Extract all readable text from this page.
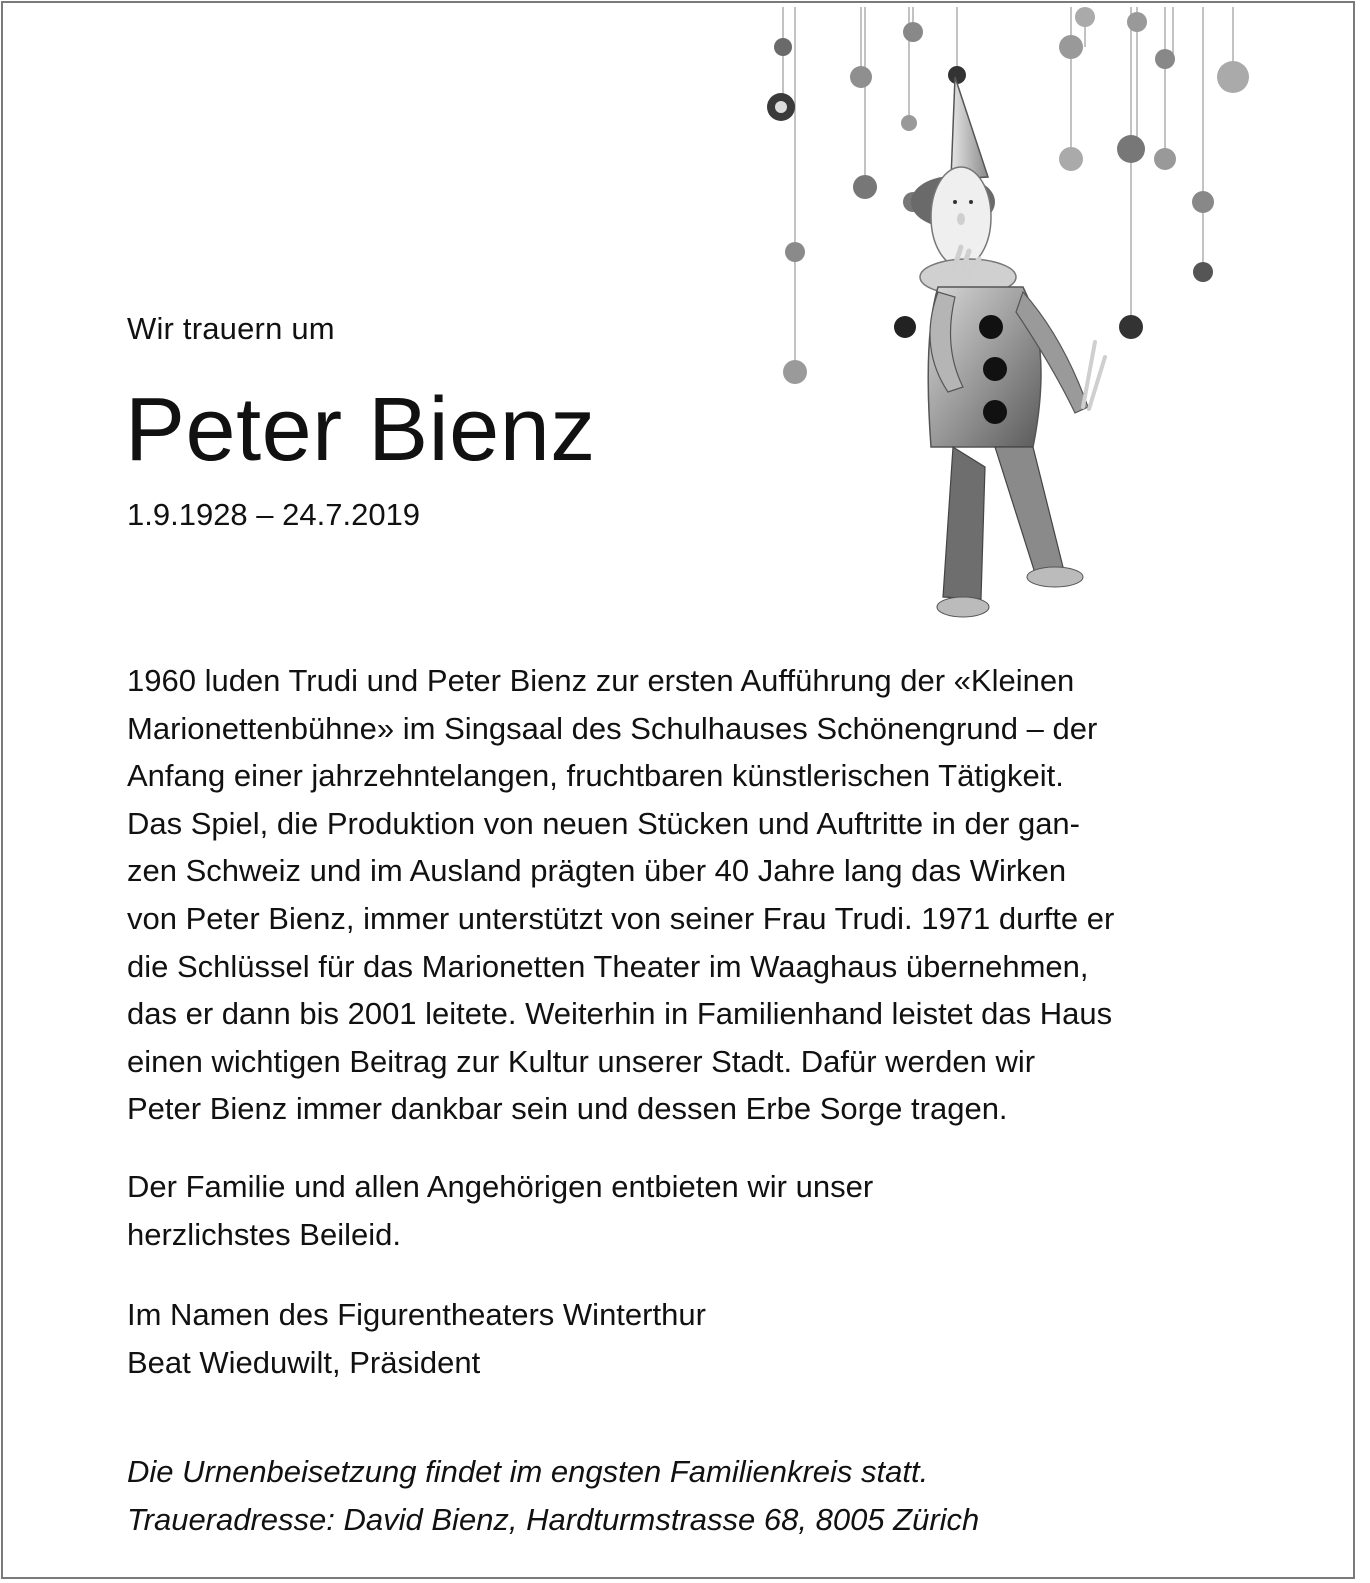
Wir trauern um
Peter Bienz
1.9.1928 – 24.7.2019
1960 luden Trudi und Peter Bienz zur ersten Aufführung der «Kleinen
Marionettenbühne» im Singsaal des Schulhauses Schönengrund – der
Anfang einer jahrzehntelangen, fruchtbaren künstlerischen Tätigkeit.
Das Spiel, die Produktion von neuen Stücken und Auftritte in der gan-
zen Schweiz und im Ausland prägten über 40 Jahre lang das Wirken
von Peter Bienz, immer unterstützt von seiner Frau Trudi. 1971 durfte er
die Schlüssel für das Marionetten Theater im Waaghaus übernehmen,
das er dann bis 2001 leitete. Weiterhin in Familienhand leistet das Haus
einen wichtigen Beitrag zur Kultur unserer Stadt. Dafür werden wir
Peter Bienz immer dankbar sein und dessen Erbe Sorge tragen.
Der Familie und allen Angehörigen entbieten wir unser
herzlichstes Beileid.
Im Namen des Figurentheaters Winterthur
Beat Wieduwilt, Präsident
Die Urnenbeisetzung findet im engsten Familienkreis statt.
Traueradresse: David Bienz, Hardturmstrasse 68, 8005 Zürich
